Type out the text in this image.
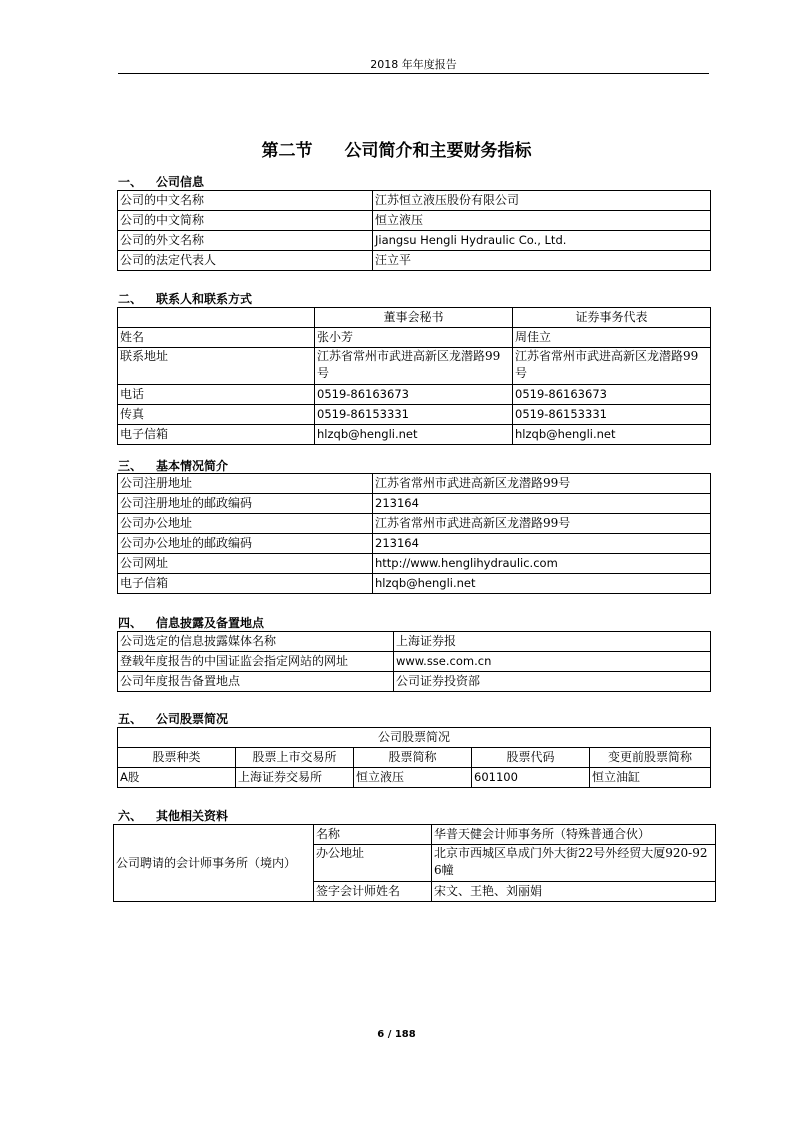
2018 年年度报告
第二节 公司简介和主要财务指标
一、 公司信息
公司的中文名称	江苏恒立液压股份有限公司
公司的中文简称	恒立液压
公司的外文名称	Jiangsu Hengli Hydraulic Co., Ltd.
公司的法定代表人	汪立平
二、 联系人和联系方式
	董事会秘书	证券事务代表
姓名	张小芳	周佳立
联系地址	江苏省常州市武进高新区龙潜路99号	江苏省常州市武进高新区龙潜路99号
电话	0519-86163673	0519-86163673
传真	0519-86153331	0519-86153331
电子信箱	hlzqb@hengli.net	hlzqb@hengli.net
三、 基本情况简介
公司注册地址	江苏省常州市武进高新区龙潜路99号
公司注册地址的邮政编码	213164
公司办公地址	江苏省常州市武进高新区龙潜路99号
公司办公地址的邮政编码	213164
公司网址	http://www.henglihydraulic.com
电子信箱	hlzqb@hengli.net
四、 信息披露及备置地点
公司选定的信息披露媒体名称	上海证券报
登载年度报告的中国证监会指定网站的网址	www.sse.com.cn
公司年度报告备置地点	公司证券投资部
五、 公司股票简况
公司股票简况				
股票种类	股票上市交易所	股票简称	股票代码	变更前股票简称
A股	上海证券交易所	恒立液压	601100	恒立油缸
六、 其他相关资料
公司聘请的会计师事务所（境内）	名称	华普天健会计师事务所（特殊普通合伙）
	办公地址	北京市西城区阜成门外大街22号外经贸大厦920-926幢
	签字会计师姓名	宋文、王艳、刘丽娟
6 / 188
